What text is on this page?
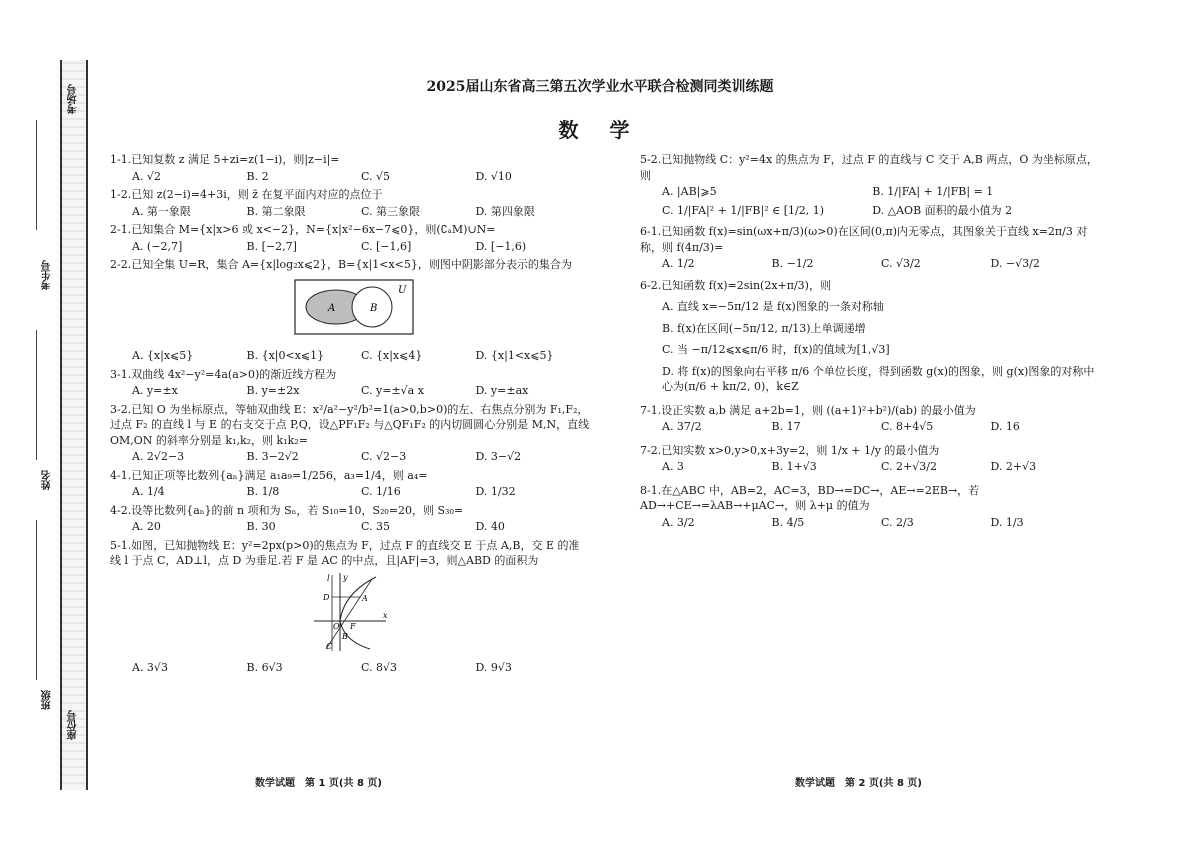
考场号
座位号
考生号
姓名
班级
2025届山东省高三第五次学业水平联合检测同类训练题
数 学

1-1.已知复数 z 满足 5+zi=z(1−i)，则|z−i|=

A. √2	B. 2	C. √5	D. √10

1-2.已知 z(2−i)=4+3i，则 z̄ 在复平面内对应的点位于

A. 第一象限	B. 第二象限	C. 第三象限	D. 第四象限

2-1.已知集合 M={x|x>6 或 x<−2}，N={x|x²−6x−7⩽0}，则(∁ₐM)∪N=

A. (−2,7]	B. [−2,7]	C. [−1,6]	D. [−1,6)

2-2.已知全集 U=R，集合 A={x|log₂x⩽2}，B={x|1<x<5}，则图中阴影部分表示的集合为

A	B
U
A. {x|x⩽5}	B. {x|0<x⩽1}	C. {x|x⩽4}	D. {x|1<x⩽5}

3-1.双曲线 4x²−y²=4a(a>0)的渐近线方程为

A. y=±x	B. y=±2x	C. y=±√a x	D. y=±ax

3-2.已知 O 为坐标原点，等轴双曲线 E：x²/a²−y²/b²=1(a>0,b>0)的左、右焦点分别为 F₁,F₂，过点 F₂ 的直线 l 与 E 的右支交于点 P,Q，设△PF₁F₂ 与△QF₁F₂ 的内切圆圆心分别是 M,N，直线 OM,ON 的斜率分别是 k₁,k₂，则 k₁k₂=

A. 2√2−3	B. 3−2√2	C. √2−3	D. 3−√2

4-1.已知正项等比数列{aₙ}满足 a₁a₉=1/256，a₃=1/4，则 a₄=

A. 1/4	B. 1/8	C. 1/16	D. 1/32

4-2.设等比数列{aₙ}的前 n 项和为 Sₙ，若 S₁₀=10，S₂₀=20，则 S₃₀=

A. 20	B. 30	C. 35	D. 40

5-1.如图，已知抛物线 E：y²=2px(p>0)的焦点为 F，过点 F 的直线交 E 于点 A,B，交 E 的准线 l 于点 C，AD⊥l，点 D 为垂足.若 F 是 AC 的中点，且|AF|=3，则△ABD 的面积为

l y
x
D	A
O F
B
C
A. 3√3	B. 6√3	C. 8√3	D. 9√3

5-2.已知抛物线 C：y²=4x 的焦点为 F，过点 F 的直线与 C 交于 A,B 两点，O 为坐标原点，则

A. |AB|⩾5	B. 1/|FA| + 1/|FB| = 1
C. 1/|FA|² + 1/|FB|² ∈ [1/2, 1)	D. △AOB 面积的最小值为 2

6-1.已知函数 f(x)=sin(ωx+π/3)(ω>0)在区间(0,π)内无零点，其图象关于直线 x=2π/3 对称，则 f(4π/3)=

A. 1/2	B. −1/2	C. √3/2	D. −√3/2

6-2.已知函数 f(x)=2sin(2x+π/3)，则

A. 直线 x=−5π/12 是 f(x)图象的一条对称轴

B. f(x)在区间(−5π/12, π/13)上单调递增

C. 当 −π/12⩽x⩽π/6 时，f(x)的值域为[1,√3]

D. 将 f(x)的图象向右平移 π/6 个单位长度，得到函数 g(x)的图象，则 g(x)图象的对称中心为(π/6 + kπ/2, 0)，k∈Z

7-1.设正实数 a,b 满足 a+2b=1，则 ((a+1)²+b²)/(ab) 的最小值为

A. 37/2	B. 17	C. 8+4√5	D. 16

7-2.已知实数 x>0,y>0,x+3y=2，则 1/x + 1/y 的最小值为

A. 3	B. 1+√3	C. 2+√3/2	D. 2+√3

8-1.在△ABC 中，AB=2，AC=3，BD→=DC→，AE→=2EB→，若 AD→+CE→=λAB→+μAC→，则 λ+μ 的值为

A. 3/2	B. 4/5	C. 2/3	D. 1/3
数学试题　第 1 页(共 8 页)	数学试题　第 2 页(共 8 页)
